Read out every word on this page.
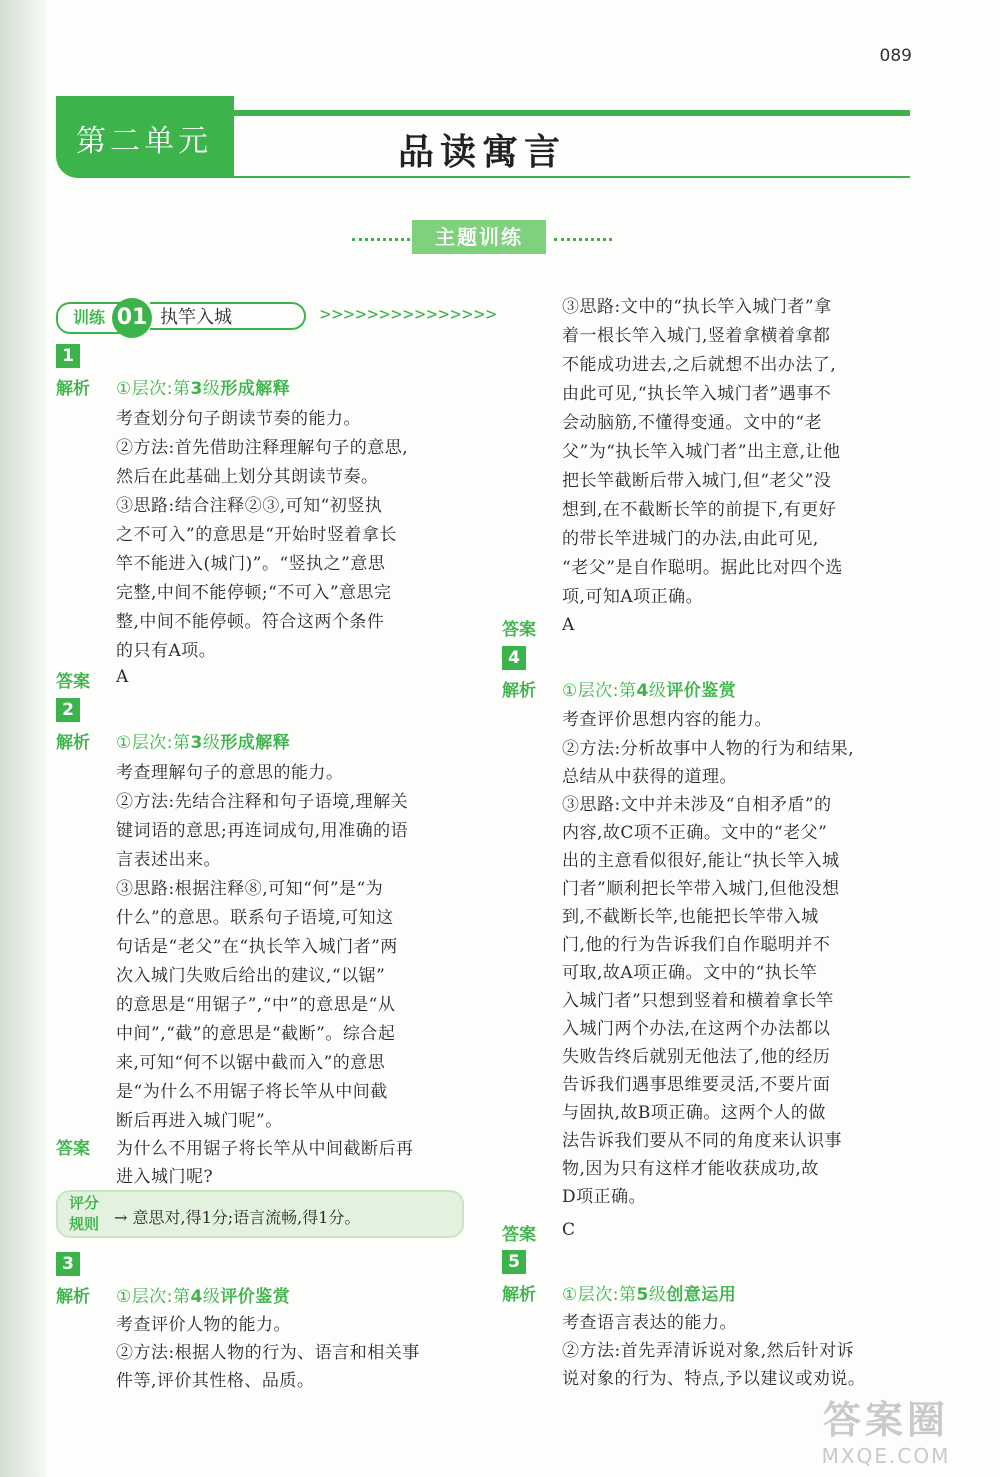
089
第二单元	品读寓言
主题训练
训练 01 执竿入城	>>>>>>>>>>>>>>>
1
解析 ①层次:第3级形成解释
考查划分句子朗读节奏的能力。
②方法:首先借助注释理解句子的意思,
然后在此基础上划分其朗读节奏。
③思路:结合注释②③,可知“初竖执
之不可入”的意思是“开始时竖着拿长
竿不能进入(城门)”。“竖执之”意思
完整,中间不能停顿;“不可入”意思完
整,中间不能停顿。符合这两个条件
的只有A项。
答案 A
2
解析 ①层次:第3级形成解释
考查理解句子的意思的能力。
②方法:先结合注释和句子语境,理解关
键词语的意思;再连词成句,用准确的语
言表述出来。
③思路:根据注释⑧,可知“何”是“为
什么”的意思。联系句子语境,可知这
句话是“老父”在“执长竿入城门者”两
次入城门失败后给出的建议,“以锯”
的意思是“用锯子”,“中”的意思是“从
中间”,“截”的意思是“截断”。综合起
来,可知“何不以锯中截而入”的意思
是“为什么不用锯子将长竿从中间截
断后再进入城门呢”。
答案 为什么不用锯子将长竿从中间截断后再
进入城门呢?
评分
规则 → 意思对,得1分;语言流畅,得1分。
3
解析 ①层次:第4级评价鉴赏
考查评价人物的能力。
②方法:根据人物的行为、语言和相关事
件等,评价其性格、品质。
③思路:文中的“执长竿入城门者”拿
着一根长竿入城门,竖着拿横着拿都
不能成功进去,之后就想不出办法了,
由此可见,“执长竿入城门者”遇事不
会动脑筋,不懂得变通。文中的“老
父”为“执长竿入城门者”出主意,让他
把长竿截断后带入城门,但“老父”没
想到,在不截断长竿的前提下,有更好
的带长竿进城门的办法,由此可见,
“老父”是自作聪明。据此比对四个选
项,可知A项正确。
答案 A
4
解析 ①层次:第4级评价鉴赏
考查评价思想内容的能力。
②方法:分析故事中人物的行为和结果,
总结从中获得的道理。
③思路:文中并未涉及“自相矛盾”的
内容,故C项不正确。文中的“老父”
出的主意看似很好,能让“执长竿入城
门者”顺利把长竿带入城门,但他没想
到,不截断长竿,也能把长竿带入城
门,他的行为告诉我们自作聪明并不
可取,故A项正确。文中的“执长竿
入城门者”只想到竖着和横着拿长竿
入城门两个办法,在这两个办法都以
失败告终后就别无他法了,他的经历
告诉我们遇事思维要灵活,不要片面
与固执,故B项正确。这两个人的做
法告诉我们要从不同的角度来认识事
物,因为只有这样才能收获成功,故
D项正确。
答案 C
5
解析 ①层次:第5级创意运用
考查语言表达的能力。
②方法:首先弄清诉说对象,然后针对诉
说对象的行为、特点,予以建议或劝说。
答案圈
MXQE.COM
